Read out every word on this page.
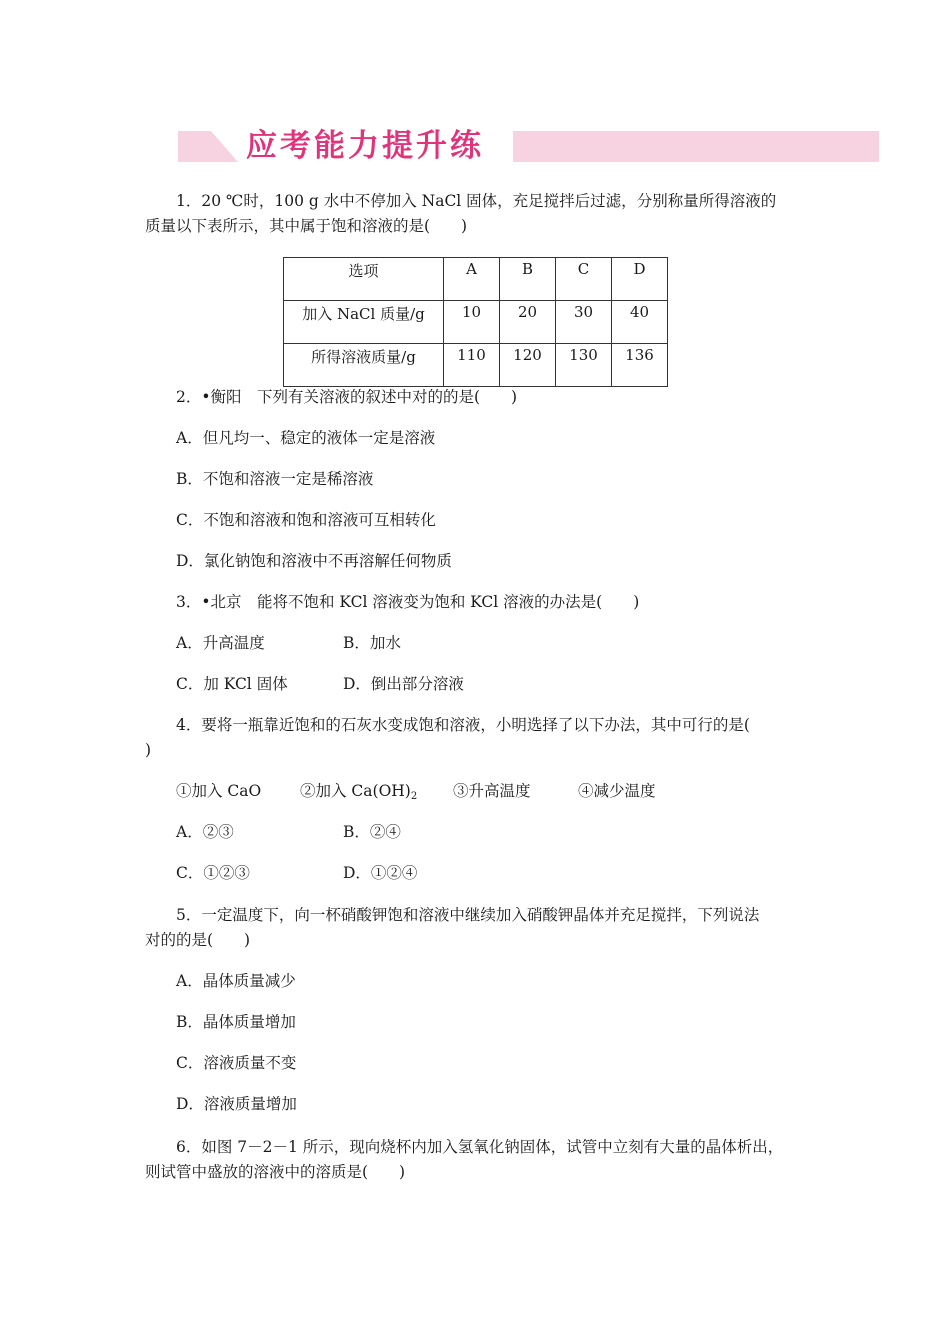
应考能力提升练
1．20 ℃时，100 g 水中不停加入 NaCl 固体，充足搅拌后过滤，分别称量所得溶液的
质量以下表所示，其中属于饱和溶液的是(　　)
选项	A	B	C	D
加入 NaCl 质量/g	10	20	30	40
所得溶液质量/g	110	120	130	136
2．•衡阳　下列有关溶液的叙述中对的的是(　　)
A．但凡均一、稳定的液体一定是溶液
B．不饱和溶液一定是稀溶液
C．不饱和溶液和饱和溶液可互相转化
D．氯化钠饱和溶液中不再溶解任何物质
3．•北京　能将不饱和 KCl 溶液变为饱和 KCl 溶液的办法是(　　)
A．升高温度	B．加水
C．加 KCl 固体	D．倒出部分溶液
4．要将一瓶靠近饱和的石灰水变成饱和溶液，小明选择了以下办法，其中可行的是(
)
①加入 CaO	②加入 $Ca(OH)_2$ ③升高温度	④减少温度
A．②③	B．②④
C．①②③	D．①②④
5．一定温度下，向一杯硝酸钾饱和溶液中继续加入硝酸钾晶体并充足搅拌，下列说法
对的的是(　　)
A．晶体质量减少
B．晶体质量增加
C．溶液质量不变
D．溶液质量增加
6．如图 7－2－1 所示，现向烧杯内加入氢氧化钠固体，试管中立刻有大量的晶体析出，
则试管中盛放的溶液中的溶质是(　　)
